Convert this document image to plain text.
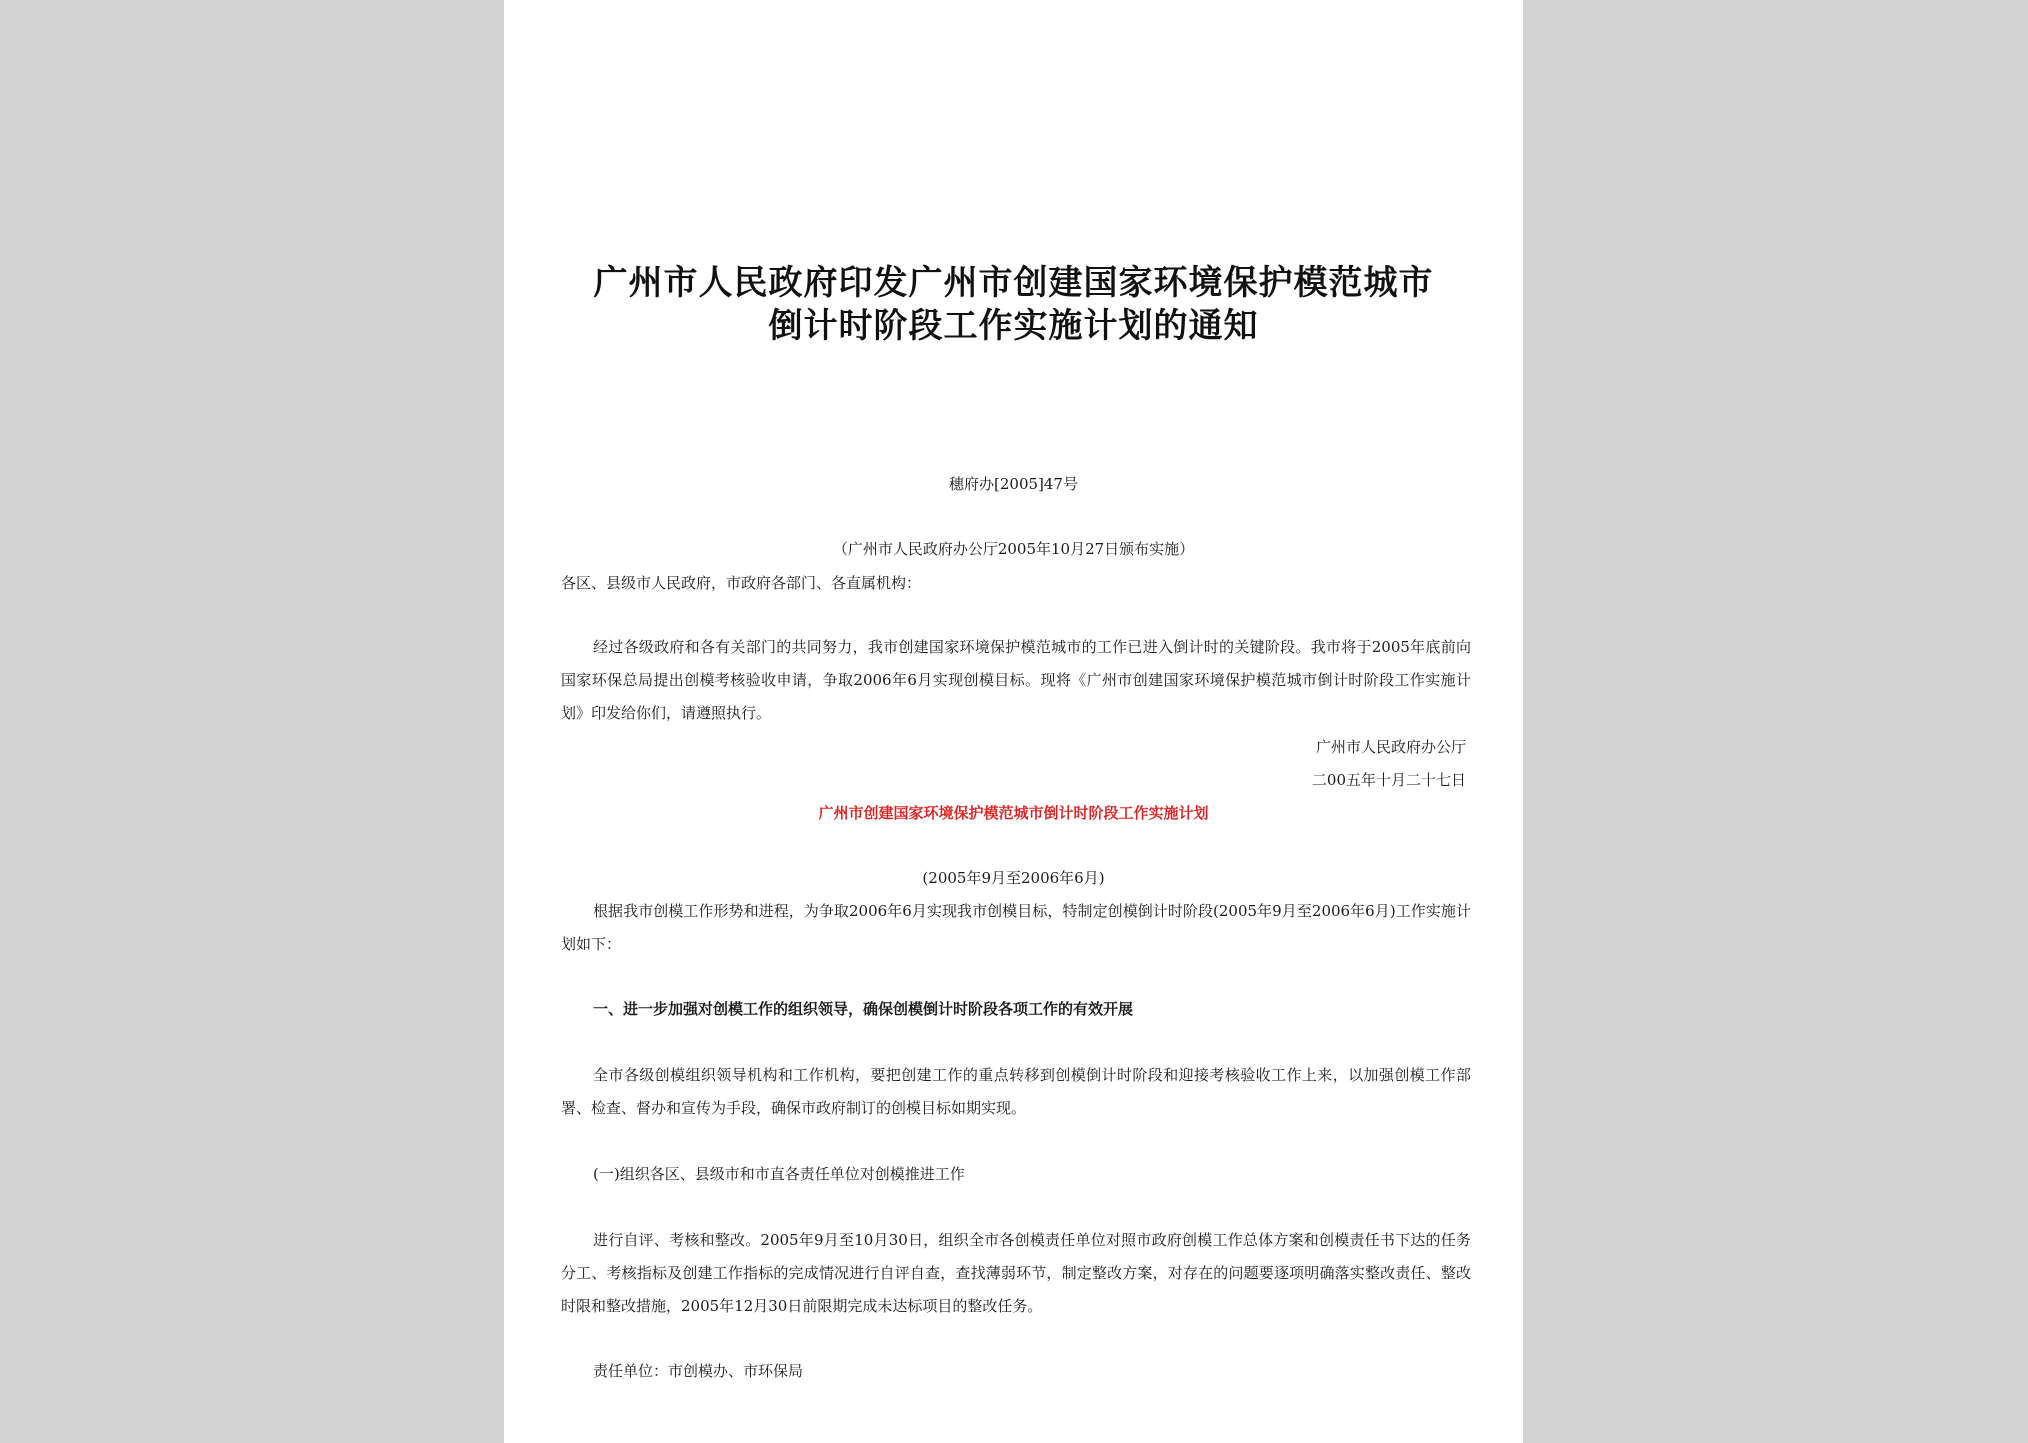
广州市人民政府印发广州市创建国家环境保护模范城市
倒计时阶段工作实施计划的通知
穗府办[2005]47号
（广州市人民政府办公厅2005年10月27日颁布实施）
各区、县级市人民政府，市政府各部门、各直属机构：

经过各级政府和各有关部门的共同努力，我市创建国家环境保护模范城市的工作已进入倒计时的关键阶段。我市将于2005年底前向国家环保总局提出创模考核验收申请，争取2006年6月实现创模目标。现将《广州市创建国家环境保护模范城市倒计时阶段工作实施计划》印发给你们，请遵照执行。

广州市人民政府办公厅
二00五年十月二十七日
广州市创建国家环境保护模范城市倒计时阶段工作实施计划
(2005年9月至2006年6月)

根据我市创模工作形势和进程，为争取2006年6月实现我市创模目标，特制定创模倒计时阶段(2005年9月至2006年6月)工作实施计划如下：

一、进一步加强对创模工作的组织领导，确保创模倒计时阶段各项工作的有效开展

全市各级创模组织领导机构和工作机构，要把创建工作的重点转移到创模倒计时阶段和迎接考核验收工作上来，以加强创模工作部署、检查、督办和宣传为手段，确保市政府制订的创模目标如期实现。

(一)组织各区、县级市和市直各责任单位对创模推进工作

进行自评、考核和整改。2005年9月至10月30日，组织全市各创模责任单位对照市政府创模工作总体方案和创模责任书下达的任务分工、考核指标及创建工作指标的完成情况进行自评自查，查找薄弱环节，制定整改方案，对存在的问题要逐项明确落实整改责任、整改时限和整改措施，2005年12月30日前限期完成未达标项目的整改任务。

责任单位：市创模办、市环保局
